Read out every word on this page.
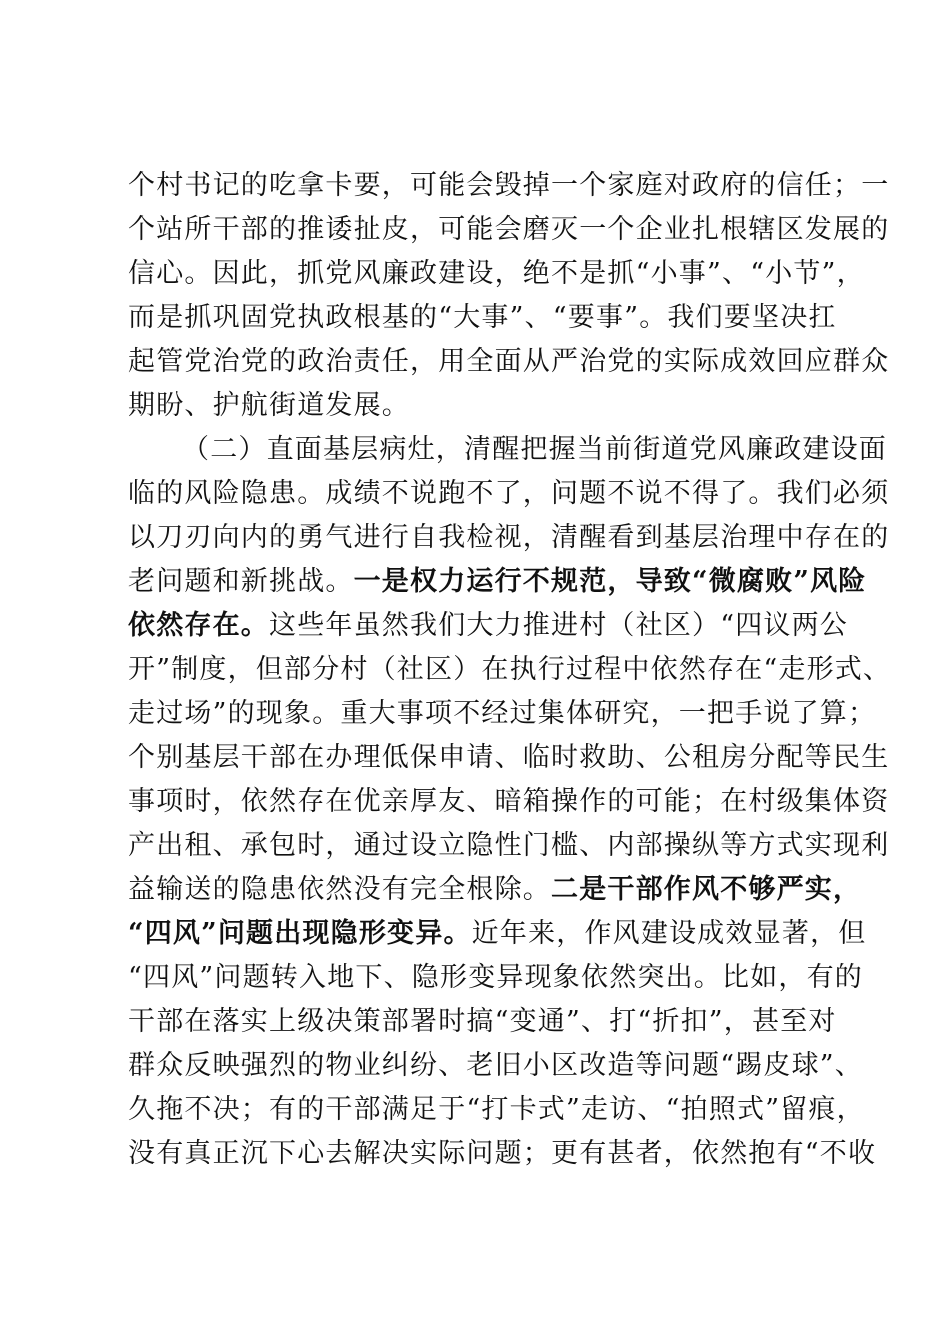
个村书记的吃拿卡要，可能会毁掉一个家庭对政府的信任；一
个站所干部的推诿扯皮，可能会磨灭一个企业扎根辖区发展的
信心。因此，抓党风廉政建设，绝不是抓“小事”、“小节”，
而是抓巩固党执政根基的“大事”、“要事”。我们要坚决扛
起管党治党的政治责任，用全面从严治党的实际成效回应群众
期盼、护航街道发展。
（二）直面基层病灶，清醒把握当前街道党风廉政建设面
临的风险隐患。成绩不说跑不了，问题不说不得了。我们必须
以刀刃向内的勇气进行自我检视，清醒看到基层治理中存在的
老问题和新挑战。一是权力运行不规范，导致“微腐败”风险
依然存在。这些年虽然我们大力推进村（社区）“四议两公
开”制度，但部分村（社区）在执行过程中依然存在“走形式、
走过场”的现象。重大事项不经过集体研究，一把手说了算；
个别基层干部在办理低保申请、临时救助、公租房分配等民生
事项时，依然存在优亲厚友、暗箱操作的可能；在村级集体资
产出租、承包时，通过设立隐性门槛、内部操纵等方式实现利
益输送的隐患依然没有完全根除。二是干部作风不够严实，
“四风”问题出现隐形变异。近年来，作风建设成效显著，但
“四风”问题转入地下、隐形变异现象依然突出。比如，有的
干部在落实上级决策部署时搞“变通”、打“折扣”，甚至对
群众反映强烈的物业纠纷、老旧小区改造等问题“踢皮球”、
久拖不决；有的干部满足于“打卡式”走访、“拍照式”留痕，
没有真正沉下心去解决实际问题；更有甚者，依然抱有“不收
